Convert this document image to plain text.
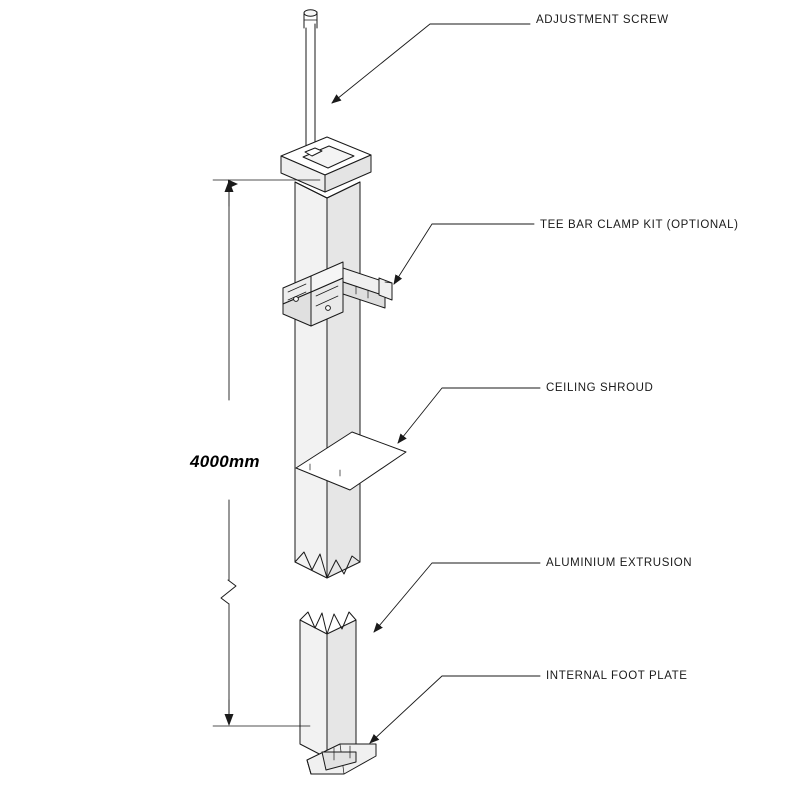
ADJUSTMENT SCREW
TEE BAR CLAMP KIT (OPTIONAL)
CEILING SHROUD
ALUMINIUM EXTRUSION
INTERNAL FOOT PLATE
4000mm
